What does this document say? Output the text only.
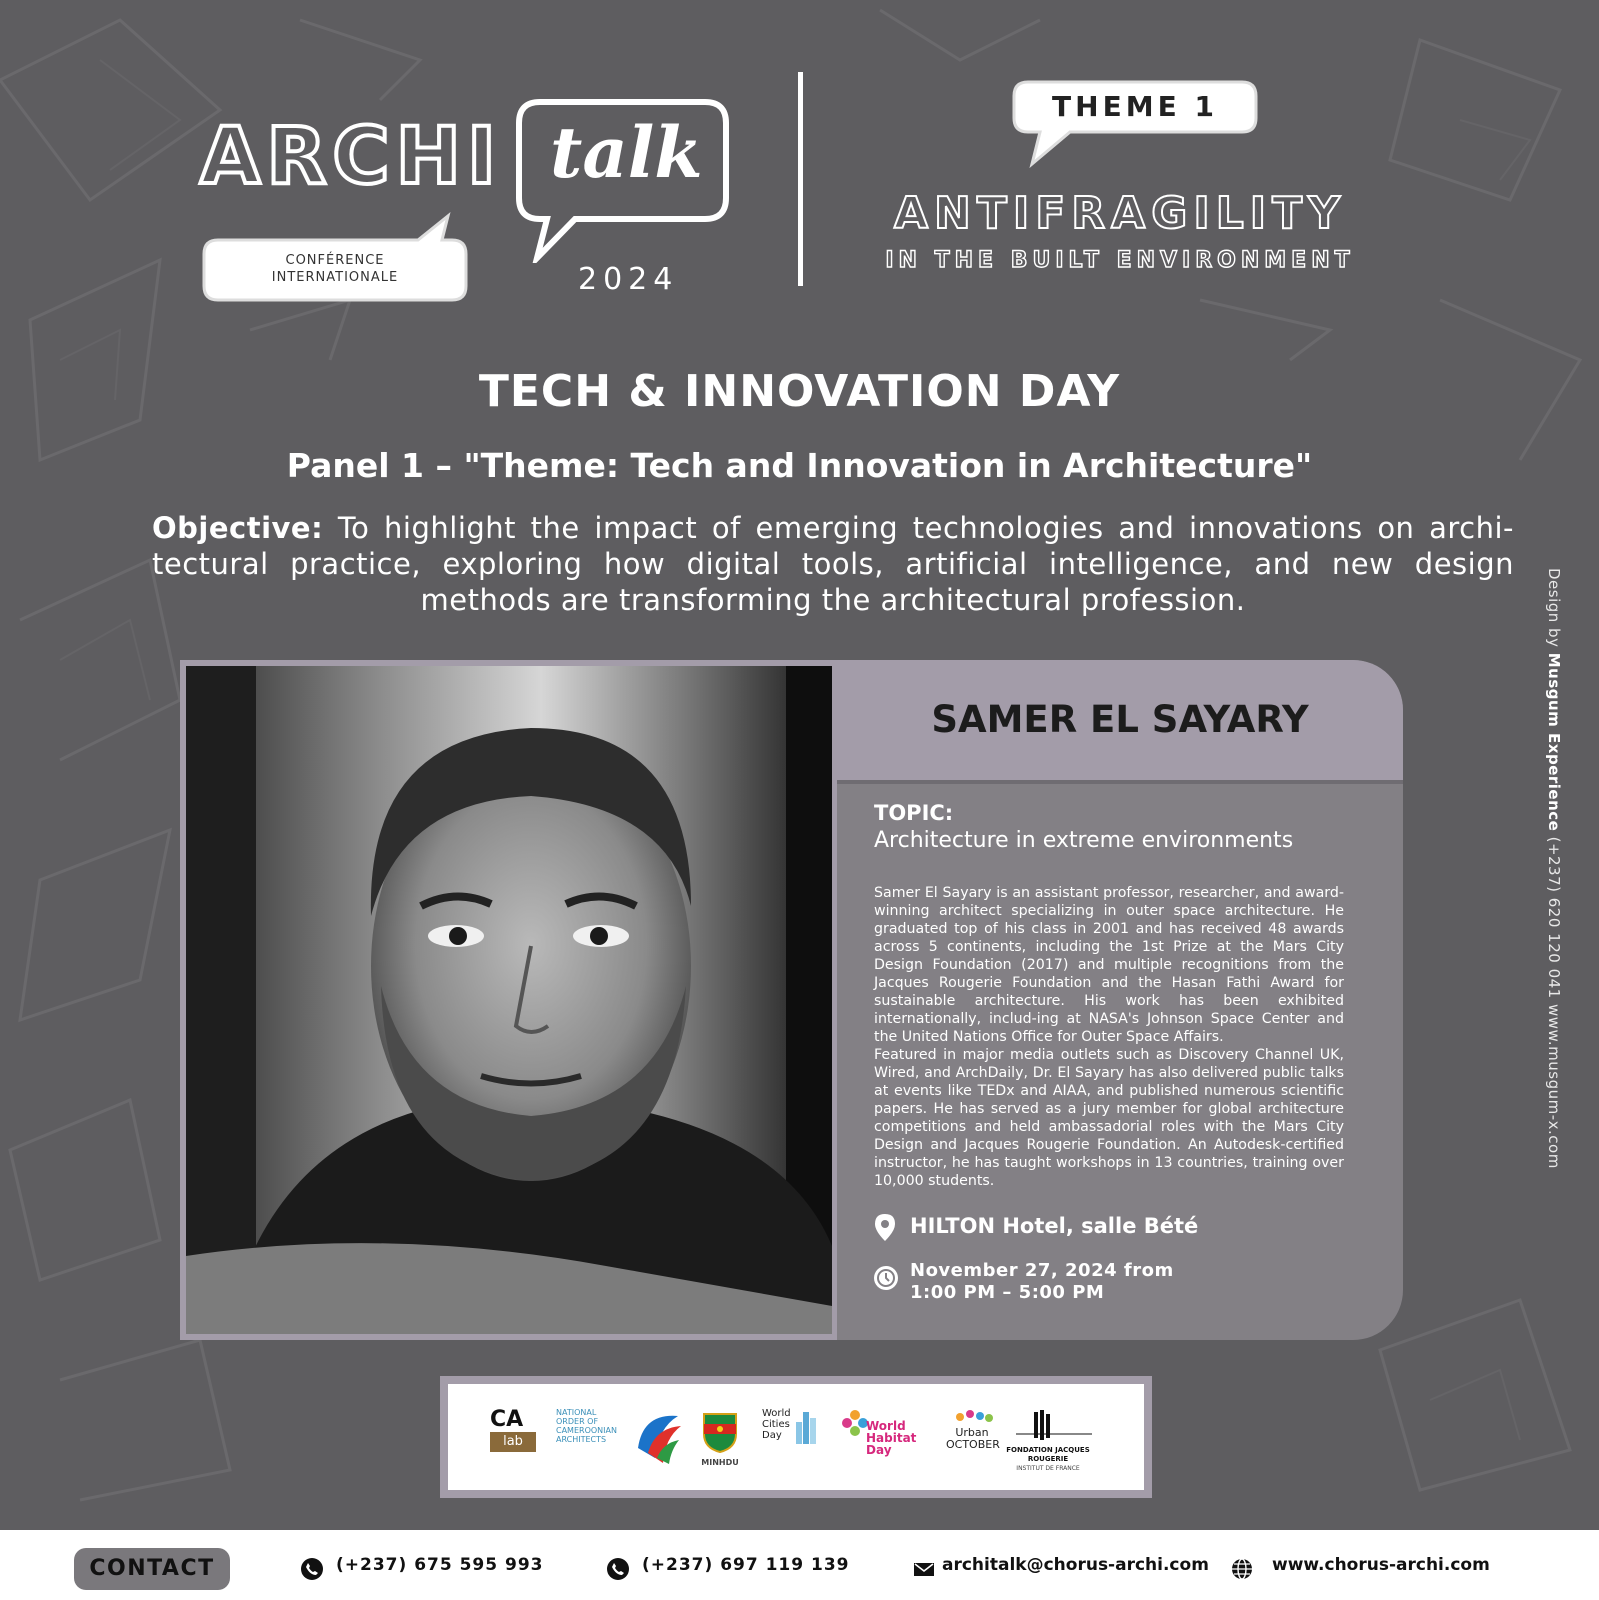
ARCHI talk
CONFÉRENCE
INTERNATIONALE	2024
THEME 1
ANTIFRAGILITY
IN THE BUILT ENVIRONMENT
TECH & INNOVATION DAY
Panel 1 – "Theme: Tech and Innovation in Architecture"
Objective: To highlight the impact of emerging technologies and innovations on archi-tectural practice, exploring how digital tools, artificial intelligence, and new design methods are transforming the architectural profession.
SAMER EL SAYARY
TOPIC:
Architecture in extreme environments

Samer El Sayary is an assistant professor, researcher, and award-winning architect specializing in outer space architecture. He graduated top of his class in 2001 and has received 48 awards across 5 continents, including the 1st Prize at the Mars City Design Foundation (2017) and multiple recognitions from the Jacques Rougerie Foundation and the Hasan Fathi Award for sustainable architecture. His work has been exhibited internationally, includ-ing at NASA's Johnson Space Center and the United Nations Office for Outer Space Affairs.

Featured in major media outlets such as Discovery Channel UK, Wired, and ArchDaily, Dr. El Sayary has also delivered public talks at events like TEDx and AIAA, and published numerous scientific papers. He has served as a jury member for global architecture competitions and held ambassadorial roles with the Mars City Design and Jacques Rougerie Foundation. An Autodesk-certified instructor, he has taught workshops in 13 countries, training over 10,000 students.

HILTON Hotel, salle Bété
November 27, 2024 from
1:00 PM – 5:00 PM
CA
lab
NATIONAL ORDER OF CAMEROONIAN ARCHITECTS
MINHDU
World Cities Day
World Habitat Day
Urban OCTOBER FONDATION JACQUES ROUGERIE
INSTITUT DE FRANCE
Design by Musgum Experience (+237) 620 120 041 www.musgum-x.com
CONTACT	(+237) 675 595 993	(+237) 697 119 139	architalk@chorus-archi.com	www.chorus-archi.com
